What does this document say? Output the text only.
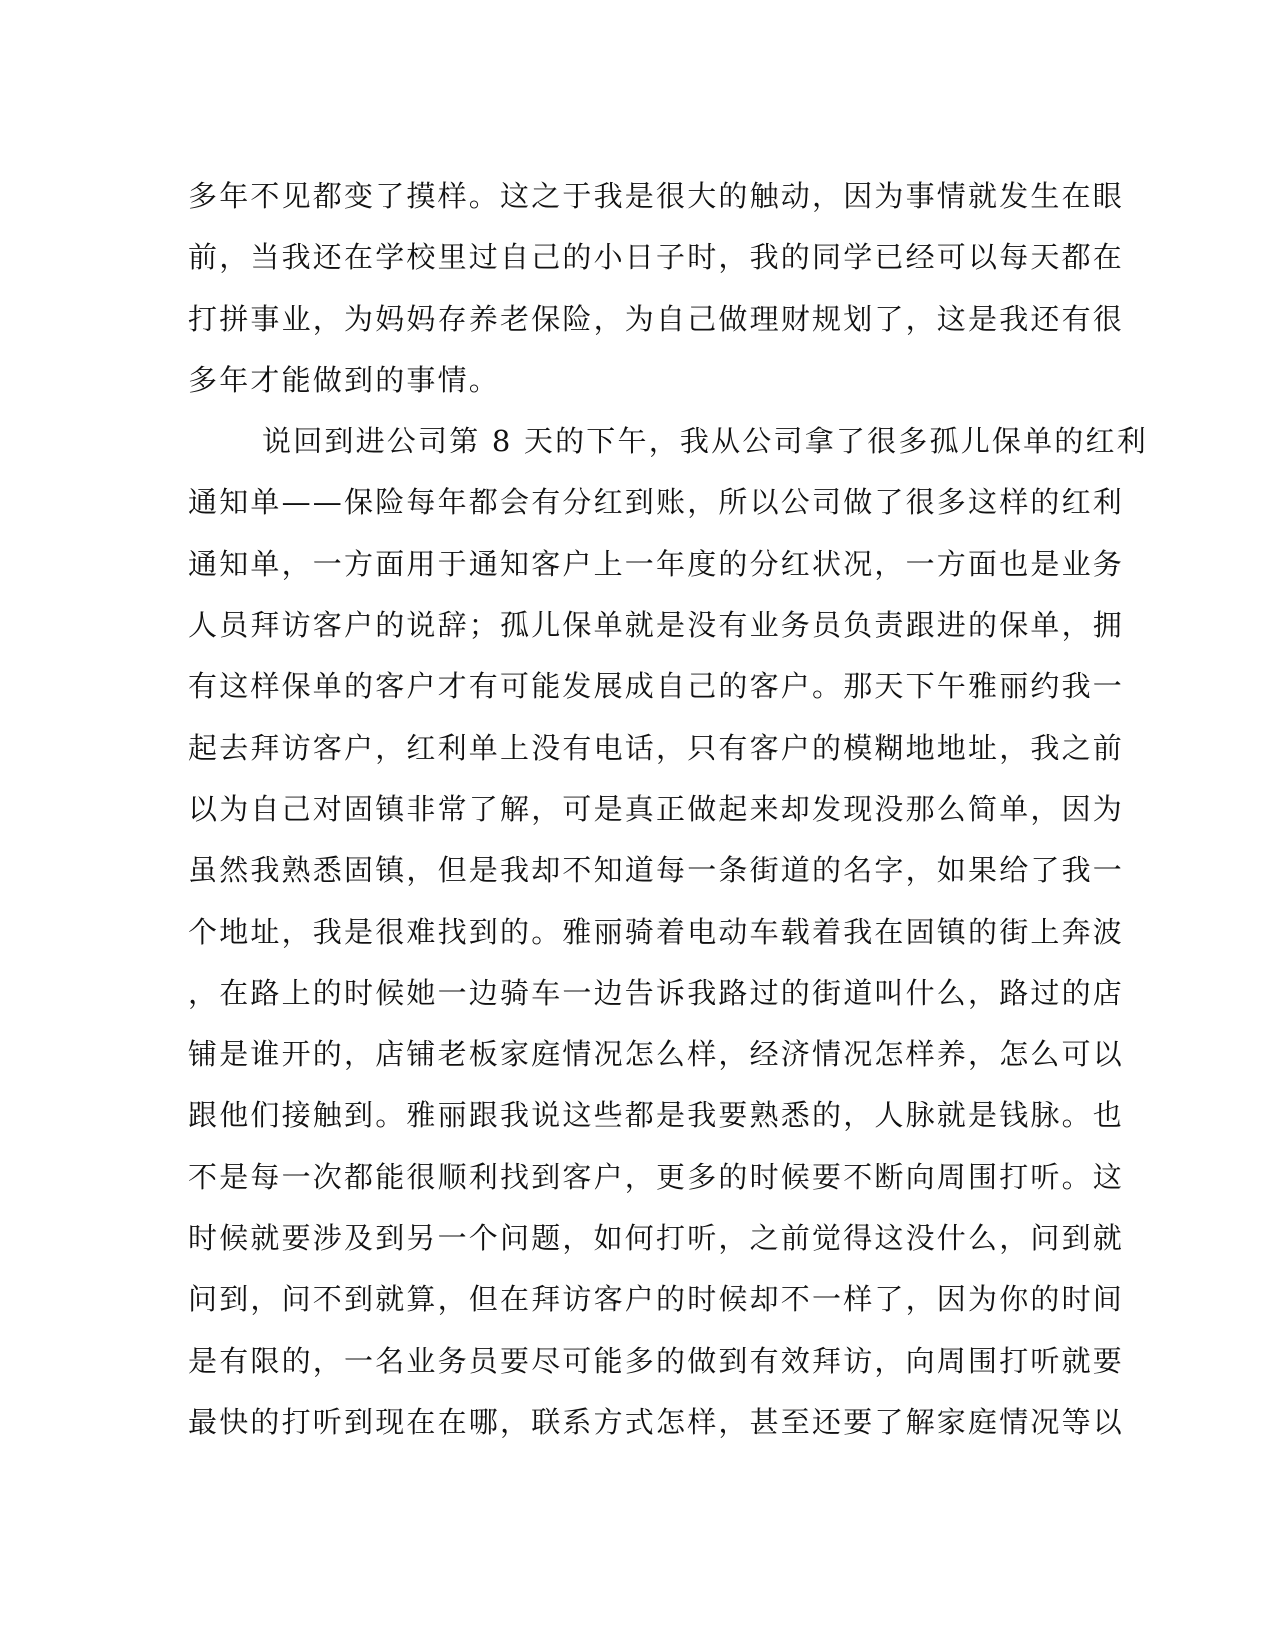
多年不见都变了摸样。这之于我是很大的触动，因为事情就发生在眼
前，当我还在学校里过自己的小日子时，我的同学已经可以每天都在
打拼事业，为妈妈存养老保险，为自己做理财规划了，这是我还有很
多年才能做到的事情。
说回到进公司第 8 天的下午，我从公司拿了很多孤儿保单的红利
通知单——保险每年都会有分红到账，所以公司做了很多这样的红利
通知单，一方面用于通知客户上一年度的分红状况，一方面也是业务
人员拜访客户的说辞；孤儿保单就是没有业务员负责跟进的保单，拥
有这样保单的客户才有可能发展成自己的客户。那天下午雅丽约我一
起去拜访客户，红利单上没有电话，只有客户的模糊地地址，我之前
以为自己对固镇非常了解，可是真正做起来却发现没那么简单，因为
虽然我熟悉固镇，但是我却不知道每一条街道的名字，如果给了我一
个地址，我是很难找到的。雅丽骑着电动车载着我在固镇的街上奔波
，在路上的时候她一边骑车一边告诉我路过的街道叫什么，路过的店
铺是谁开的，店铺老板家庭情况怎么样，经济情况怎样养，怎么可以
跟他们接触到。雅丽跟我说这些都是我要熟悉的，人脉就是钱脉。也
不是每一次都能很顺利找到客户，更多的时候要不断向周围打听。这
时候就要涉及到另一个问题，如何打听，之前觉得这没什么，问到就
问到，问不到就算，但在拜访客户的时候却不一样了，因为你的时间
是有限的，一名业务员要尽可能多的做到有效拜访，向周围打听就要
最快的打听到现在在哪，联系方式怎样，甚至还要了解家庭情况等以
